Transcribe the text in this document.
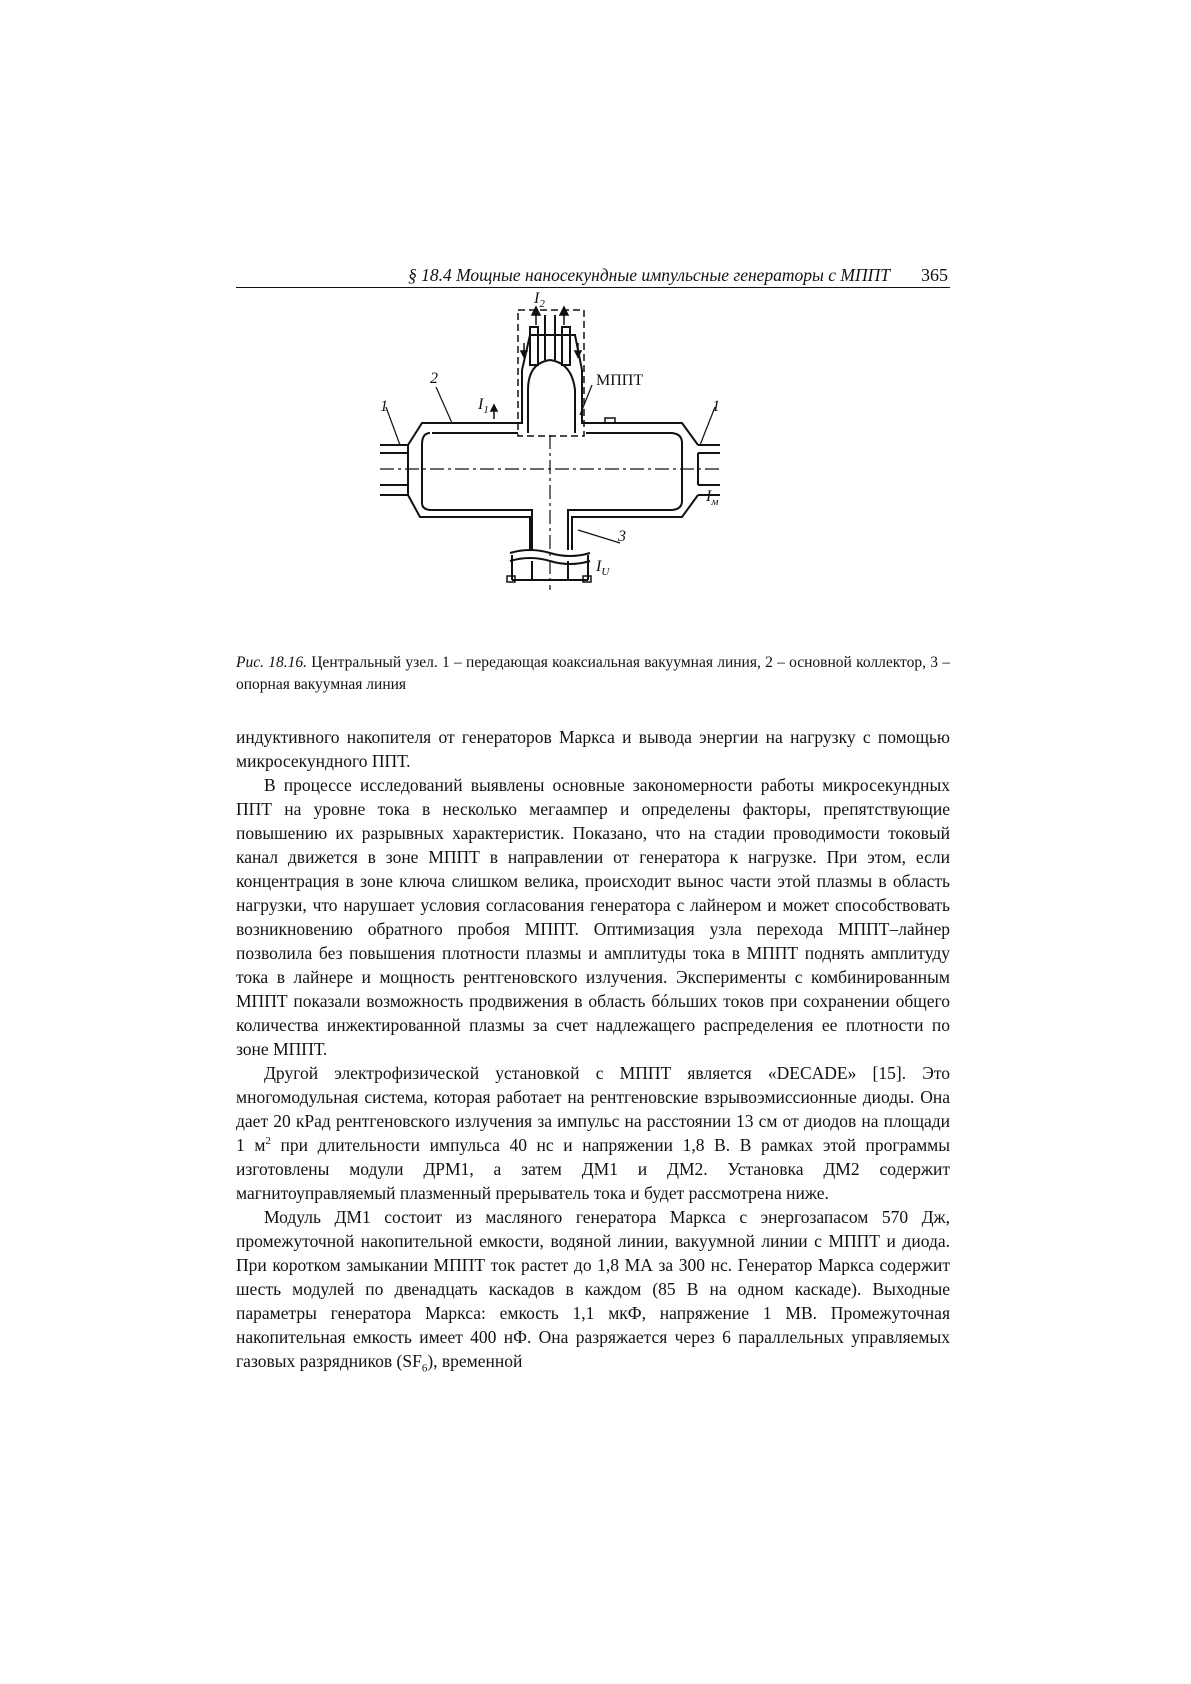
§ 18.4 Мощные наносекундные импульсные генераторы с МППТ 365
$I_2$
МППТ
2
1	1
$I_1$
$I_м$
3
$I_U$
Рис. 18.16. Центральный узел. 1 – передающая коаксиальная вакуумная линия, 2 – основной коллектор, 3 – опорная вакуумная линия

индуктивного накопителя от генераторов Маркса и вывода энергии на нагрузку с помощью микросекундного ППТ.

В процессе исследований выявлены основные закономерности работы микросекундных ППТ на уровне тока в несколько мегаампер и определены факторы, препятствующие повышению их разрывных характеристик. Показано, что на стадии проводимости токовый канал движется в зоне МППТ в направлении от генератора к нагрузке. При этом, если концентрация в зоне ключа слишком велика, происходит вынос части этой плазмы в область нагрузки, что нарушает условия согласования генератора с лайнером и может способствовать возникновению обратного пробоя МППТ. Оптимизация узла перехода МППТ–лайнер позволила без повышения плотности плазмы и амплитуды тока в МППТ поднять амплитуду тока в лайнере и мощность рентгеновского излучения. Эксперименты с комбинированным МППТ показали возможность продвижения в область бóльших токов при сохранении общего количества инжектированной плазмы за счет надлежащего распределения ее плотности по зоне МППТ.

Другой электрофизической установкой с МППТ является «DECADE» [15]. Это многомодульная система, которая работает на рентгеновские взрывоэмиссионные диоды. Она дает 20 кРад рентгеновского излучения за импульс на расстоянии 13 см от диодов на площади 1 $м^2$ при длительности импульса 40 нс и напряжении 1,8 В. В рамках этой программы изготовлены модули ДРМ1, а затем ДМ1 и ДМ2. Установка ДМ2 содержит магнитоуправляемый плазменный прерыватель тока и будет рассмотрена ниже.

Модуль ДМ1 состоит из масляного генератора Маркса с энергозапасом 570 Дж, промежуточной накопительной емкости, водяной линии, вакуумной линии с МППТ и диода. При коротком замыкании МППТ ток растет до 1,8 МА за 300 нс. Генератор Маркса содержит шесть модулей по двенадцать каскадов в каждом (85 В на одном каскаде). Выходные параметры генератора Маркса: емкость 1,1 мкФ, напряжение 1 МВ. Промежуточная накопительная емкость имеет 400 нФ. Она разряжается через 6 параллельных управляемых газовых разрядников $(SF_6)$, временной
